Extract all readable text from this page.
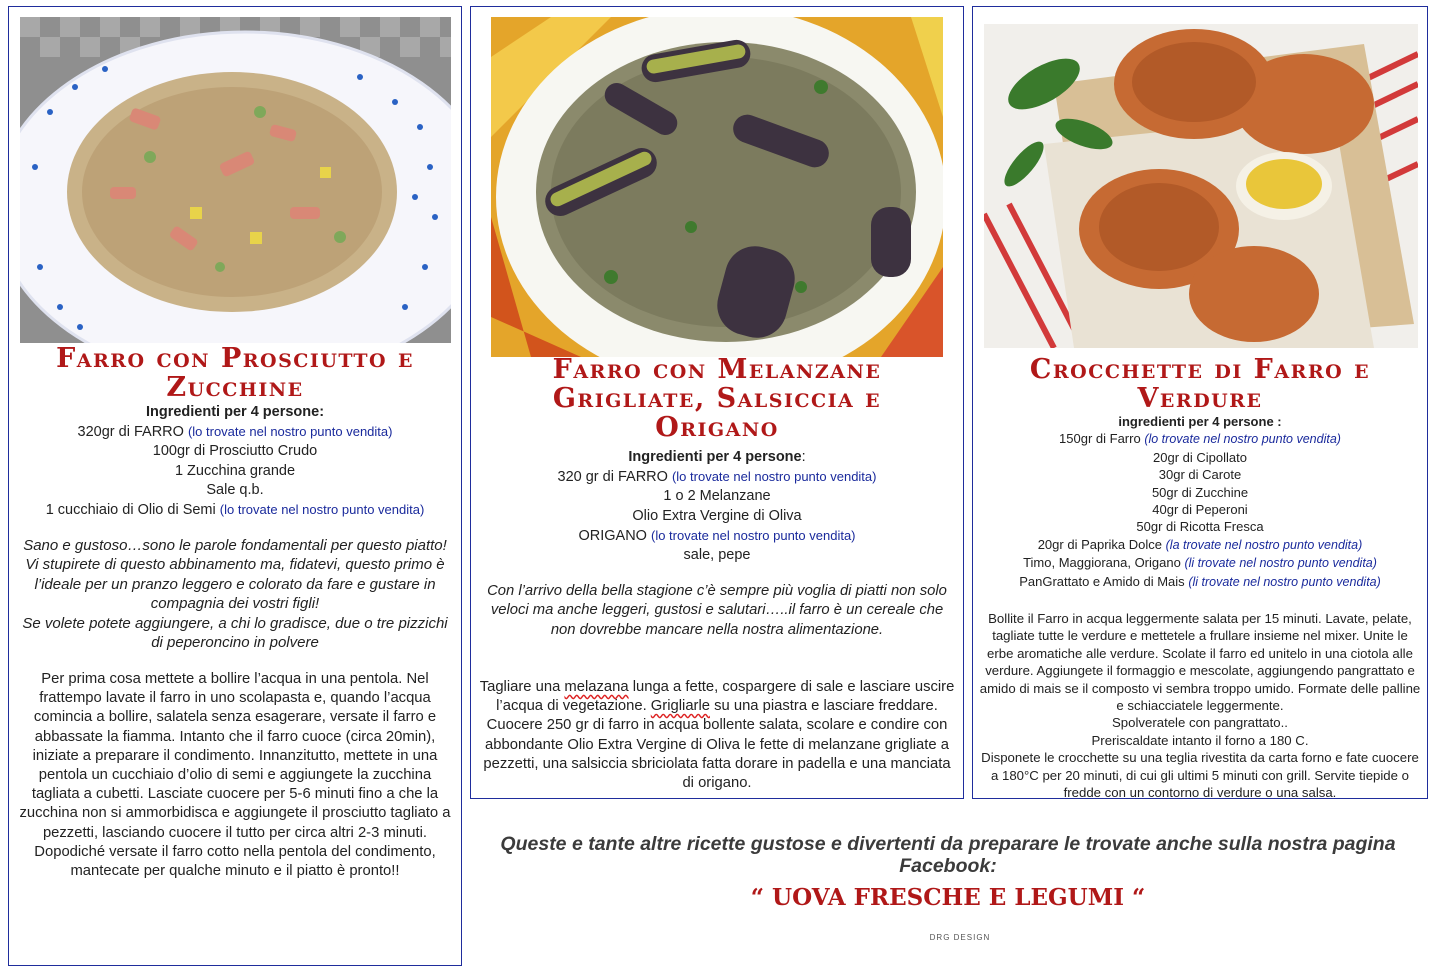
Farro con Prosciutto e
Zucchine
Ingredienti per 4 persone:
320gr di FARRO (lo trovate nel nostro punto vendita)
100gr di Prosciutto Crudo
1 Zucchina grande
Sale q.b.
1 cucchiaio di Olio di Semi (lo trovate nel nostro punto vendita)
Sano e gustoso…sono le parole fondamentali per questo piatto! Vi stupirete di questo abbinamento ma, fidatevi, questo primo è l’ideale per un pranzo leggero e colorato da fare e gustare in compagnia dei vostri figli!
Se volete potete aggiungere, a chi lo gradisce, due o tre pizzichi di peperoncino in polvere
Per prima cosa mettete a bollire l’acqua in una pentola. Nel frattempo lavate il farro in uno scolapasta e, quando l’acqua comincia a bollire, salatela senza esagerare, versate il farro e abbassate la fiamma. Intanto che il farro cuoce (circa 20min), iniziate a preparare il condimento. Innanzitutto, mettete in una pentola un cucchiaio d’olio di semi e aggiungete la zucchina tagliata a cubetti. Lasciate cuocere per 5-6 minuti fino a che la zucchina non si ammorbidisca e aggiungete il prosciutto tagliato a pezzetti, lasciando cuocere il tutto per circa altri 2-3 minuti. Dopodiché versate il farro cotto nella pentola del condimento, mantecate per qualche minuto e il piatto è pronto!!
Farro con Melanzane
Grigliate, Salsiccia e
Origano
Ingredienti per 4 persone:
320 gr di FARRO (lo trovate nel nostro punto vendita)
1 o 2 Melanzane
Olio Extra Vergine di Oliva
ORIGANO (lo trovate nel nostro punto vendita)
sale, pepe
Con l’arrivo della bella stagione c’è sempre più voglia di piatti non solo veloci ma anche leggeri, gustosi e salutari…..il farro è un cereale che non dovrebbe mancare nella nostra alimentazione.
Tagliare una melazana lunga a fette, cospargere di sale e lasciare uscire l’acqua di vegetazione. Grigliarle su una piastra e lasciare freddare. Cuocere 250 gr di farro in acqua bollente salata, scolare e condire con abbondante Olio Extra Vergine di Oliva le fette di melanzane grigliate a pezzetti, una salsiccia sbriciolata fatta dorare in padella e una manciata di origano.
Crocchette di Farro e
Verdure
ingredienti per 4 persone :
150gr di Farro (lo trovate nel nostro punto vendita)
20gr di Cipollato
30gr di Carote
50gr di Zucchine
40gr di Peperoni
50gr di Ricotta Fresca
20gr di Paprika Dolce (la trovate nel nostro punto vendita)
Timo, Maggiorana, Origano (li trovate nel nostro punto vendita)
PanGrattato e Amido di Mais (li trovate nel nostro punto vendita)
Bollite il Farro in acqua leggermente salata per 15 minuti. Lavate, pelate, tagliate tutte le verdure e mettetele a frullare insieme nel mixer. Unite le erbe aromatiche alle verdure. Scolate il farro ed unitelo in una ciotola alle verdure. Aggiungete il formaggio e mescolate, aggiungendo pangrattato e amido di mais se il composto vi sembra troppo umido. Formate delle palline e schiacciatele leggermente.
Spolveratele con pangrattato..
Preriscaldate intanto il forno a 180 C.
Disponete le crocchette su una teglia rivestita da carta forno e fate cuocere a 180°C per 20 minuti, di cui gli ultimi 5 minuti con grill. Servite tiepide o fredde con un contorno di verdure o una salsa.
Queste e tante altre ricette gustose e divertenti da preparare le trovate anche sulla nostra pagina Facebook:
“ UOVA FRESCHE E LEGUMI “
DRG DESIGN
